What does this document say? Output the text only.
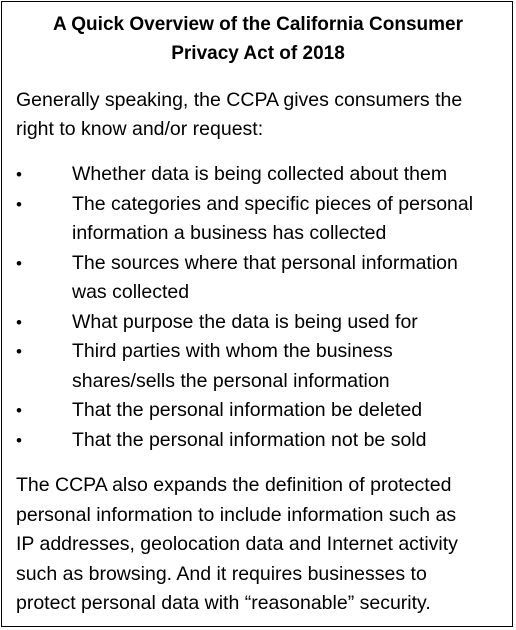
A Quick Overview of the California Consumer
Privacy Act of 2018

Generally speaking, the CCPA gives consumers the
right to know and/or request:

•	Whether data is being collected about them
•	The categories and specific pieces of personal
information a business has collected
•	The sources where that personal information
was collected
•	What purpose the data is being used for
•	Third parties with whom the business
shares/sells the personal information
•	That the personal information be deleted
•	That the personal information not be sold

The CCPA also expands the definition of protected
personal information to include information such as
IP addresses, geolocation data and Internet activity
such as browsing. And it requires businesses to
protect personal data with “reasonable” security.
